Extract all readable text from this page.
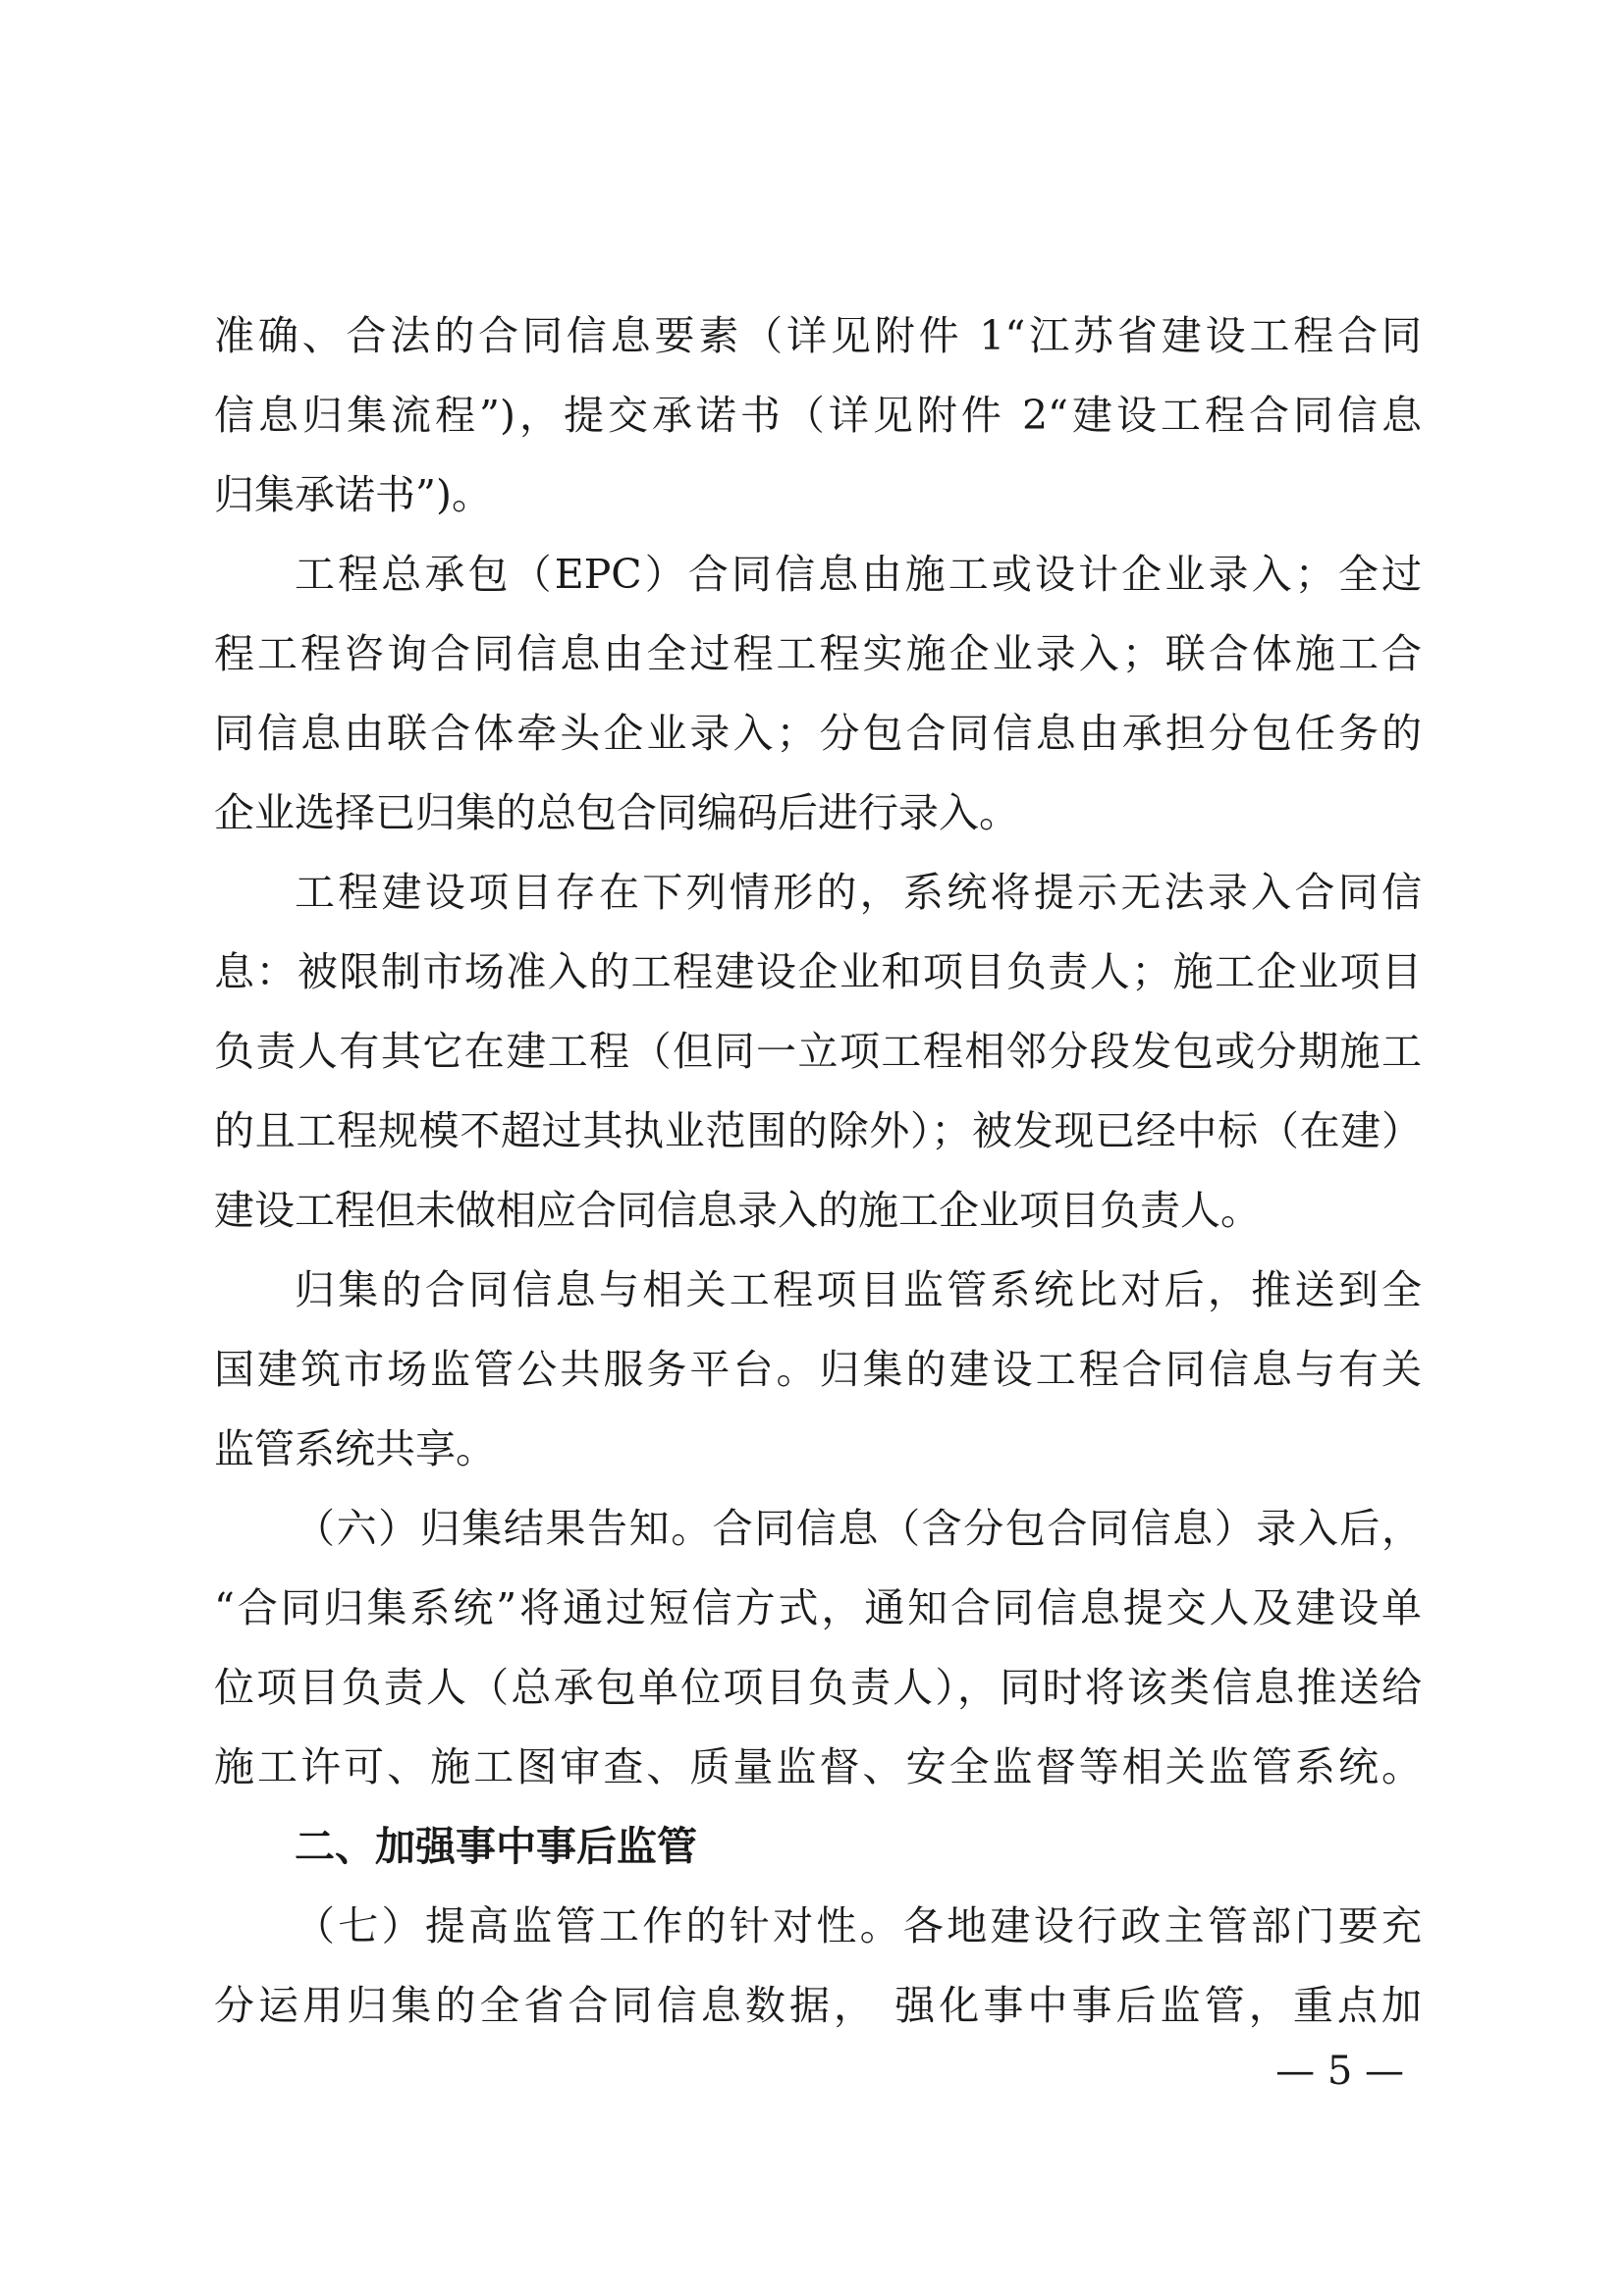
准确、合法的合同信息要素（详见附件 1“江苏省建设工程合同
信息归集流程”)，提交承诺书（详见附件 2“建设工程合同信息
归集承诺书”)。
工程总承包（EPC）合同信息由施工或设计企业录入；全过
程工程咨询合同信息由全过程工程实施企业录入；联合体施工合
同信息由联合体牵头企业录入；分包合同信息由承担分包任务的
企业选择已归集的总包合同编码后进行录入。
工程建设项目存在下列情形的，系统将提示无法录入合同信
息：被限制市场准入的工程建设企业和项目负责人；施工企业项目
负责人有其它在建工程（但同一立项工程相邻分段发包或分期施工
的且工程规模不超过其执业范围的除外）；被发现已经中标（在建）
建设工程但未做相应合同信息录入的施工企业项目负责人。
归集的合同信息与相关工程项目监管系统比对后，推送到全
国建筑市场监管公共服务平台。归集的建设工程合同信息与有关
监管系统共享。
（六）归集结果告知。合同信息（含分包合同信息）录入后，
“合同归集系统”将通过短信方式，通知合同信息提交人及建设单
位项目负责人（总承包单位项目负责人），同时将该类信息推送给
施工许可、施工图审查、质量监督、安全监督等相关监管系统。
二、加强事中事后监管
（七）提高监管工作的针对性。各地建设行政主管部门要充
分运用归集的全省合同信息数据， 强化事中事后监管，重点加
— 5 —
